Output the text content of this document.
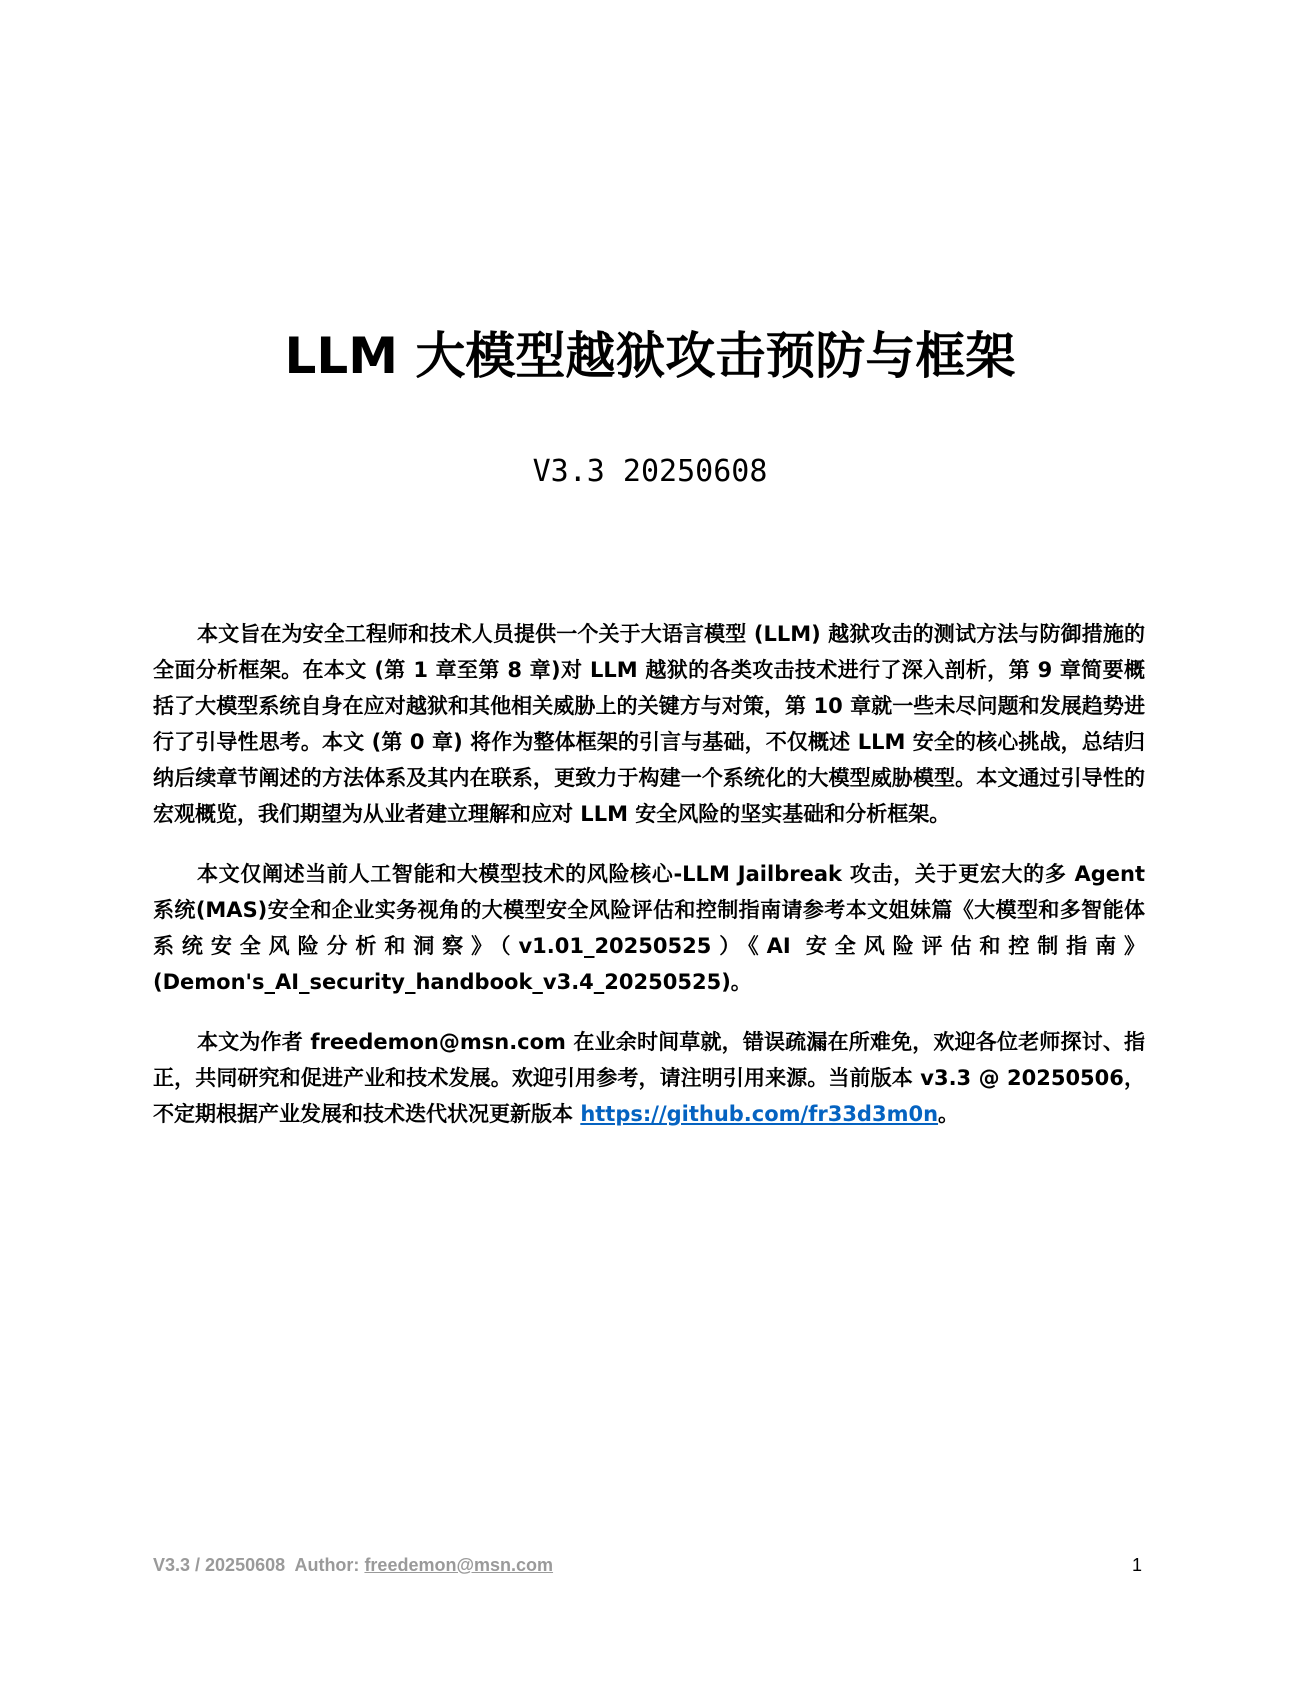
LLM 大模型越狱攻击预防与框架
V3.3 20250608

本文旨在为安全工程师和技术人员提供一个关于大语言模型 (LLM) 越狱攻击的测试方法与防御措施的全面分析框架。在本文 (第 1 章至第 8 章)对 LLM 越狱的各类攻击技术进行了深入剖析，第 9 章简要概括了大模型系统自身在应对越狱和其他相关威胁上的关键方与对策，第 10 章就一些未尽问题和发展趋势进行了引导性思考。本文 (第 0 章) 将作为整体框架的引言与基础，不仅概述 LLM 安全的核心挑战，总结归纳后续章节阐述的方法体系及其内在联系，更致力于构建一个系统化的大模型威胁模型。本文通过引导性的宏观概览，我们期望为从业者建立理解和应对 LLM 安全风险的坚实基础和分析框架。

本文仅阐述当前人工智能和大模型技术的风险核心-LLM Jailbreak 攻击，关于更宏大的多 Agent 系统(MAS)安全和企业实务视角的大模型安全风险评估和控制指南请参考本文姐妹篇《大模型和多智能体系统安全风险分析和洞察》（v1.01_20250525）《AI 安全风险评估和控制指南》(Demon's_AI_security_handbook_v3.4_20250525)。

本文为作者 freedemon@msn.com 在业余时间草就，错误疏漏在所难免，欢迎各位老师探讨、指正，共同研究和促进产业和技术发展。欢迎引用参考，请注明引用来源。当前版本 v3.3 @ 20250506，不定期根据产业发展和技术迭代状况更新版本 https://github.com/fr33d3m0n。

V3.3 / 20250608  Author: freedemon@msn.com	1
